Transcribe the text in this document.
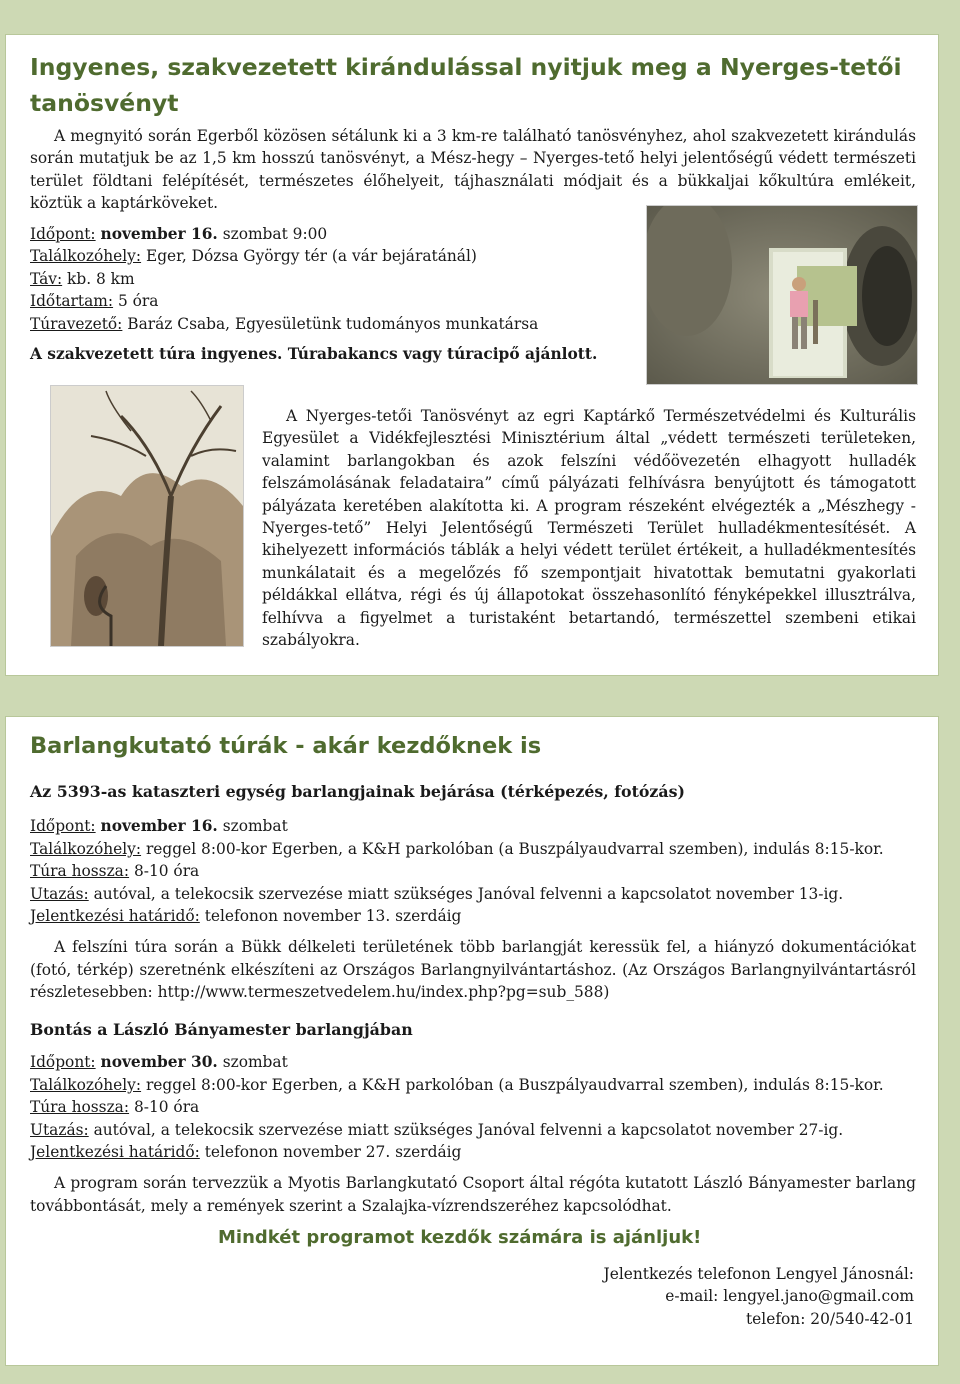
Ingyenes, szakvezetett kirándulással nyitjuk meg a Nyerges-tetői tanösvényt

A megnyitó során Egerből közösen sétálunk ki a 3 km-re található tanösvényhez, ahol szakvezetett kirándulás során mutatjuk be az 1,5 km hosszú tanösvényt, a Mész-hegy – Nyerges-tető helyi jelentőségű védett természeti terület földtani felépítését, természetes élőhelyeit, tájhasználati módjait és a bükkaljai kőkultúra emlékeit, köztük a kaptárköveket.

Időpont: november 16. szombat 9:00

Találkozóhely: Eger, Dózsa György tér (a vár bejáratánál)

Táv: kb. 8 km

Időtartam: 5 óra

Túravezető: Baráz Csaba, Egyesületünk tudományos munkatársa

A szakvezetett túra ingyenes. Túrabakancs vagy túracipő ajánlott.

A Nyerges-tetői Tanösvényt az egri Kaptárkő Természetvédelmi és Kulturális Egyesület a Vidékfejlesztési Minisztérium által „védett természeti területeken, valamint barlangokban és azok felszíni védőövezetén elhagyott hulladék felszámolásának feladataira” című pályázati felhívásra benyújtott és támogatott pályázata keretében alakította ki. A program részeként elvégezték a „Mészhegy - Nyerges-tető” Helyi Jelentőségű Természeti Terület hulladékmentesítését. A kihelyezett információs táblák a helyi védett terület értékeit, a hulladékmentesítés munkálatait és a megelőzés fő szempontjait hivatottak bemutatni gyakorlati példákkal ellátva, régi és új állapotokat összehasonlító fényképekkel illusztrálva, felhívva a figyelmet a turistaként betartandó, természettel szembeni etikai szabályokra.

Barlangkutató túrák - akár kezdőknek is

Az 5393-as kataszteri egység barlangjainak bejárása (térképezés, fotózás)

Időpont: november 16. szombat

Találkozóhely: reggel 8:00-kor Egerben, a K&H parkolóban (a Buszpályaudvarral szemben), indulás 8:15-kor.

Túra hossza: 8-10 óra

Utazás: autóval, a telekocsik szervezése miatt szükséges Janóval felvenni a kapcsolatot november 13-ig.

Jelentkezési határidő: telefonon november 13. szerdáig

A felszíni túra során a Bükk délkeleti területének több barlangját keressük fel, a hiányzó dokumentációkat (fotó, térkép) szeretnénk elkészíteni az Országos Barlangnyilvántartáshoz. (Az Országos Barlangnyilvántartásról részletesebben: http://www.termeszetvedelem.hu/index.php?pg=sub_588)

Bontás a László Bányamester barlangjában

Időpont: november 30. szombat

Találkozóhely: reggel 8:00-kor Egerben, a K&H parkolóban (a Buszpályaudvarral szemben), indulás 8:15-kor.

Túra hossza: 8-10 óra

Utazás: autóval, a telekocsik szervezése miatt szükséges Janóval felvenni a kapcsolatot november 27-ig.

Jelentkezési határidő: telefonon november 27. szerdáig

A program során tervezzük a Myotis Barlangkutató Csoport által régóta kutatott László Bányamester barlang továbbontását, mely a remények szerint a Szalajka-vízrendszeréhez kapcsolódhat.

Mindkét programot kezdők számára is ajánljuk!

Jelentkezés telefonon Lengyel Jánosnál:

e-mail: lengyel.jano@gmail.com

telefon: 20/540-42-01
